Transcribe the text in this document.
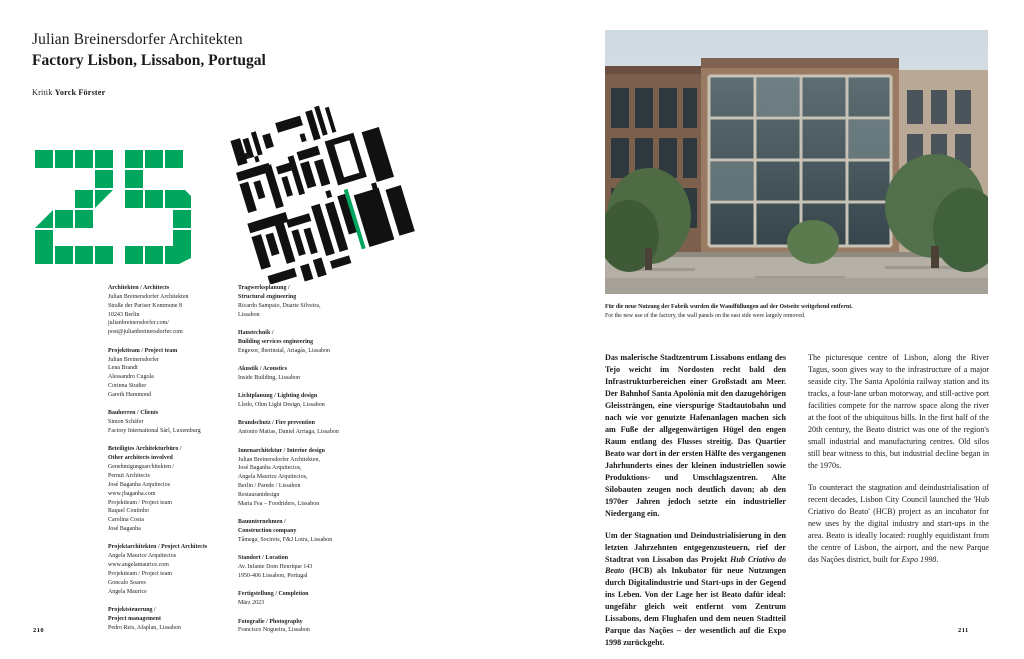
Julian Breinersdorfer Architekten
Factory Lisbon, Lissabon, Portugal
Kritik Yorck Förster
Architekten / Architects
Julian Breinersdorfer Architekten
Straße der Pariser Kommune 8
10243 Berlin
julianbreinersdorfer.com/
post@julianbreinersdorfer.com
Projektteam / Project team
Julian Breinersdorfer
Lena Brandt
Alessandro Cugola
Corinna Studier
Gareth Hammond
Bauherren / Clients
Simon Schäfer
Factory International Sàrl, Luxemburg
Beteiligtes Architekturbüro /
Other architects involved
Genehmigungsarchitekten /
Permit Architects
José Baganha Arquitectos
www.jbaganha.com
Projektteam / Project team
Raquel Coutinho
Carolina Costa
José Baganha
Projektarchitekten / Project Architects
Angela Maurice Arquitectos
www.angelamaurice.com
Projektteam / Project team
Goncalo Soares
Angela Maurice
Projektsteuerung /
Project management
Pedro Reis, Afaplan, Lissabon
Tragwerksplanung /
Structural engineering
Ricardo Sampaio, Duarte Silveira,
Lissabon
Haustechnik /
Building services engineering
Engexor, Iberinstal, Ariagás, Lissabon
Akustik / Acoustics
Inside Building, Lissabon
Lichtplanung / Lighting design
Lledo, Ohm Light Design, Lissabon
Brandschutz / Fire prevention
Antonio Matias, Daniel Arriaga, Lissabon
Innenarchitektur / Interior design
Julian Breinersdorfer Architekten,
José Baganha Arquitectos,
Angela Maurice Arquitectos,
Berlin / Parede / Lissabon
Restaurantdesign
Marta Fea – Foodriders, Lissabon
Bauunternehmen /
Construction company
Tâmega, Socireis, F&J Lotra, Lissabon
Standort / Location
Av. Infante Dom Henrique 143
1950-406 Lissabon, Portugal
Fertigstellung / Completion
März 2023
Fotografie / Photography
Francisco Nogueira, Lissabon
210
Für die neue Nutzung der Fabrik wurden die Wandfüllungen auf der Ostseite weitgehend entfernt.
For the new use of the factory, the wall panels on the east side were largely removed.

Das malerische Stadtzentrum Lissabons entlang des Tejo weicht im Nordosten recht bald den Infrastrukturbereichen einer Großstadt am Meer. Der Bahnhof Santa Apolónia mit den dazugehörigen Gleissträngen, eine vierspurige Stadtautobahn und nach wie vor genutzte Hafenanlagen machen sich am Fuße der allgegenwärtigen Hügel den engen Raum entlang des Flusses streitig. Das Quartier Beato war dort in der ersten Hälfte des vergangenen Jahrhunderts eines der kleinen industriellen sowie Produktions- und Umschlagszentren. Alte Silobauten zeugen noch deutlich davon; ab den 1970er Jahren jedoch setzte ein industrieller Niedergang ein.

Um der Stagnation und Deindustrialisierung in den letzten Jahrzehnten entgegenzusteuern, rief der Stadtrat von Lissabon das Projekt Hub Criativo do Beato (HCB) als Inkubator für neue Nutzungen durch Digitalindustrie und Start-ups in der Gegend ins Leben. Von der Lage her ist Beato dafür ideal: ungefähr gleich weit entfernt vom Zentrum Lissabons, dem Flughafen und dem neuen Stadtteil Parque das Nações – der wesentlich auf die Expo 1998 zurückgeht.

The picturesque centre of Lisbon, along the River Tagus, soon gives way to the infrastructure of a major seaside city. The Santa Apolónia railway station and its tracks, a four-lane urban motorway, and still-active port facilities compete for the narrow space along the river at the foot of the ubiquitous hills. In the first half of the 20th century, the Beato district was one of the region's small industrial and manufacturing centres. Old silos still bear witness to this, but industrial decline began in the 1970s.

To counteract the stagnation and deindustrialisation of recent decades, Lisbon City Council launched the 'Hub Criativo do Beato' (HCB) project as an incubator for new uses by the digital industry and start-ups in the area. Beato is ideally located: roughly equidistant from the centre of Lisbon, the airport, and the new Parque das Nações district, built for Expo 1998.

211
